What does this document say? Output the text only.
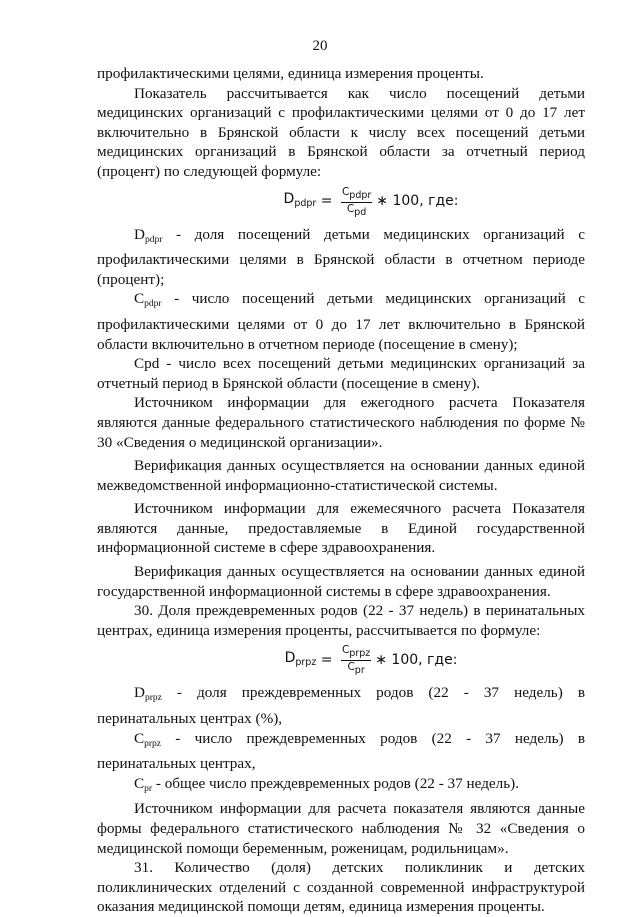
20

профилактическими целями, единица измерения проценты.

Показатель рассчитывается как число посещений детьми медицинских организаций с профилактическими целями от 0 до 17 лет включительно в Брянской области к числу всех посещений детьми медицинских организаций в Брянской области за отчетный период (процент) по следующей формуле:

$D_{pdpr} = \frac{\text{Cpdpr}}{\text{Cpd}}$ ∗ 100, где:

$D_{pdpr}$ - доля посещений детьми медицинских организаций с профилактическими целями в Брянской области в отчетном периоде (процент);

$C_{pdpr}$ - число посещений детьми медицинских организаций с профилактическими целями от 0 до 17 лет включительно в Брянской области включительно в отчетном периоде (посещение в смену);

Cpd - число всех посещений детьми медицинских организаций за отчетный период в Брянской области (посещение в смену).

Источником информации для ежегодного расчета Показателя являются данные федерального статистического наблюдения по форме № 30 «Сведения о медицинской организации».

Верификация данных осуществляется на основании данных единой межведомственной информационно-статистической системы.

Источником информации для ежемесячного расчета Показателя являются данные, предоставляемые в Единой государственной информационной системе в сфере здравоохранения.

Верификация данных осуществляется на основании данных единой государственной информационной системы в сфере здравоохранения.

30. Доля преждевременных родов (22 - 37 недель) в перинатальных центрах, единица измерения проценты, рассчитывается по формуле:

$D_{prpz} = \frac{\text{Cprpz}}{\text{Cpr}}$ ∗ 100, где:

$D_{prpz}$ - доля преждевременных родов (22 - 37 недель) в перинатальных центрах (%),

$C_{prpz}$ - число преждевременных родов (22 - 37 недель) в перинатальных центрах,

$C_{pr}$ - общее число преждевременных родов (22 - 37 недель).

Источником информации для расчета показателя являются данные формы федерального статистического наблюдения № 32 «Сведения о медицинской помощи беременным, роженицам, родильницам».

31. Количество (доля) детских поликлиник и детских поликлинических отделений с созданной современной инфраструктурой оказания медицинской помощи детям, единица измерения проценты.
